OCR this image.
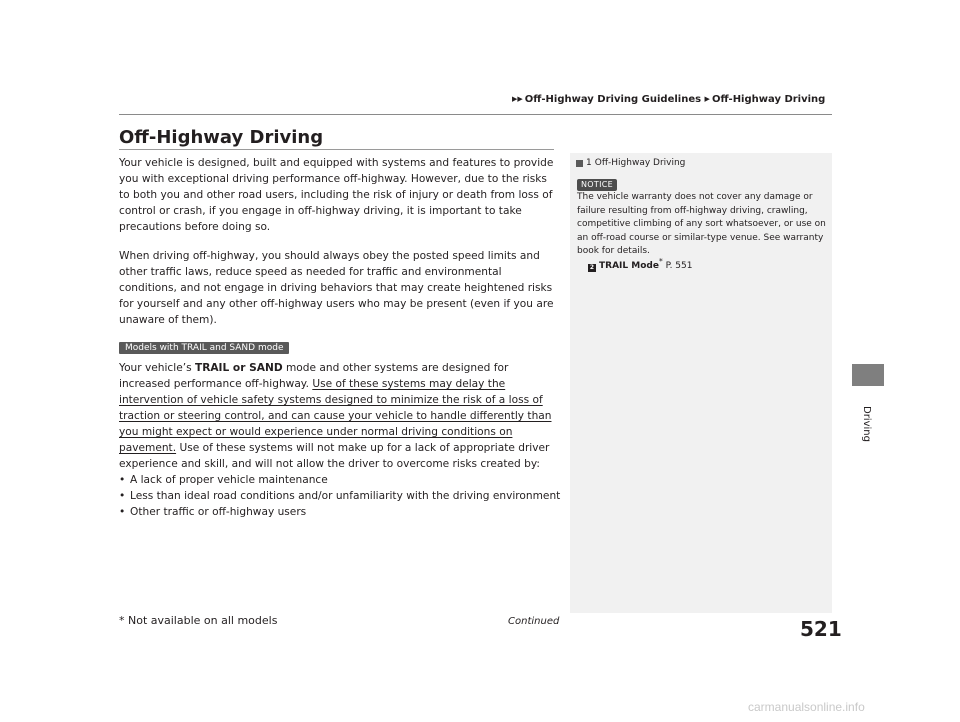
▶▶ Off-Highway Driving Guidelines ▶ Off-Highway Driving
Off-Highway Driving

Your vehicle is designed, built and equipped with systems and features to provide you with exceptional driving performance off-highway. However, due to the risks to both you and other road users, including the risk of injury or death from loss of control or crash, if you engage in off-highway driving, it is important to take precautions before doing so.

When driving off-highway, you should always obey the posted speed limits and other traffic laws, reduce speed as needed for traffic and environmental conditions, and not engage in driving behaviors that may create heightened risks for yourself and any other off-highway users who may be present (even if you are unaware of them).

Models with TRAIL and SAND mode

Your vehicle’s TRAIL or SAND mode and other systems are designed for increased performance off-highway. Use of these systems may delay the intervention of vehicle safety systems designed to minimize the risk of a loss of traction or steering control, and can cause your vehicle to handle differently than you might expect or would experience under normal driving conditions on pavement. Use of these systems will not make up for a lack of appropriate driver experience and skill, and will not allow the driver to overcome risks created by:

• A lack of proper vehicle maintenance
• Less than ideal road conditions and/or unfamiliarity with the driving environment
• Other traffic or off-highway users
1 Off-Highway Driving
NOTICE
The vehicle warranty does not cover any damage or failure resulting from off-highway driving, crawling, competitive climbing of any sort whatsoever, or use on an off-road course or similar-type venue. See warranty book for details.
2 TRAIL Mode* P. 551
Driving
* Not available on all models	Continued	521
carmanualsonline.info
